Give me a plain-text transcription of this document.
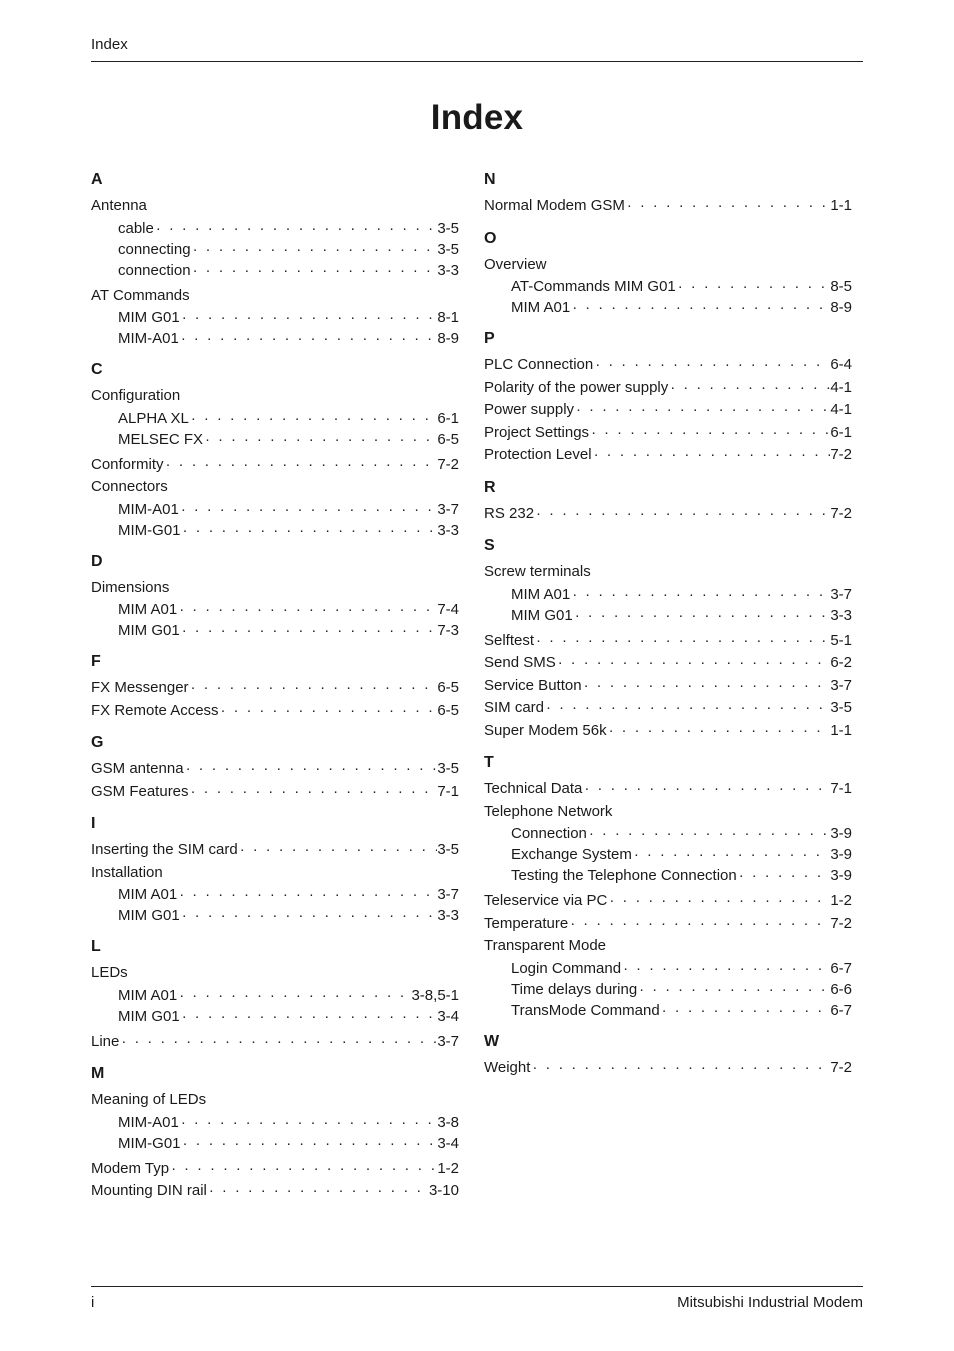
Index
Index
A
Antenna
cable · · ·	3-5
connecting · · ·	3-5
connection · · ·	3-3
AT Commands
MIM G01 · · ·	8-1
MIM-A01 · · ·	8-9
C
Configuration
ALPHA XL · · ·	6-1
MELSEC FX · · ·	6-5
Conformity · · ·	7-2
Connectors
MIM-A01 · · ·	3-7
MIM-G01 · · ·	3-3
D
Dimensions
MIM A01 · · ·	7-4
MIM G01 · · ·	7-3
F
FX Messenger · · ·	6-5
FX Remote Access · · ·	6-5
G
GSM antenna · · ·	3-5
GSM Features · · ·	7-1
I
Inserting the SIM card · · ·	3-5
Installation
MIM A01 · · ·	3-7
MIM G01 · · ·	3-3
L
LEDs
MIM A01 · · ·	3-8,5-1
MIM G01 · · ·	3-4
Line · · ·	3-7
M
Meaning of LEDs
MIM-A01 · · ·	3-8
MIM-G01 · · ·	3-4
Modem Typ · · ·	1-2
Mounting DIN rail · · ·	3-10
N
Normal Modem GSM · · ·	1-1
O
Overview
AT-Commands MIM G01 · · ·	8-5
MIM A01 · · ·	8-9
P
PLC Connection · · ·	6-4
Polarity of the power supply · · ·	4-1
Power supply · · ·	4-1
Project Settings · · ·	6-1
Protection Level · · ·	7-2
R
RS 232 · · ·	7-2
S
Screw terminals
MIM A01 · · ·	3-7
MIM G01 · · ·	3-3
Selftest · · ·	5-1
Send SMS · · ·	6-2
Service Button · · ·	3-7
SIM card · · ·	3-5
Super Modem 56k · · ·	1-1
T
Technical Data · · ·	7-1
Telephone Network
Connection · · ·	3-9
Exchange System · · ·	3-9
Testing the Telephone Connection · · ·	3-9
Teleservice via PC · · ·	1-2
Temperature · · ·	7-2
Transparent Mode
Login Command · · ·	6-7
Time delays during · · ·	6-6
TransMode Command · · ·	6-7
W
Weight · · ·	7-2
i	Mitsubishi Industrial Modem
